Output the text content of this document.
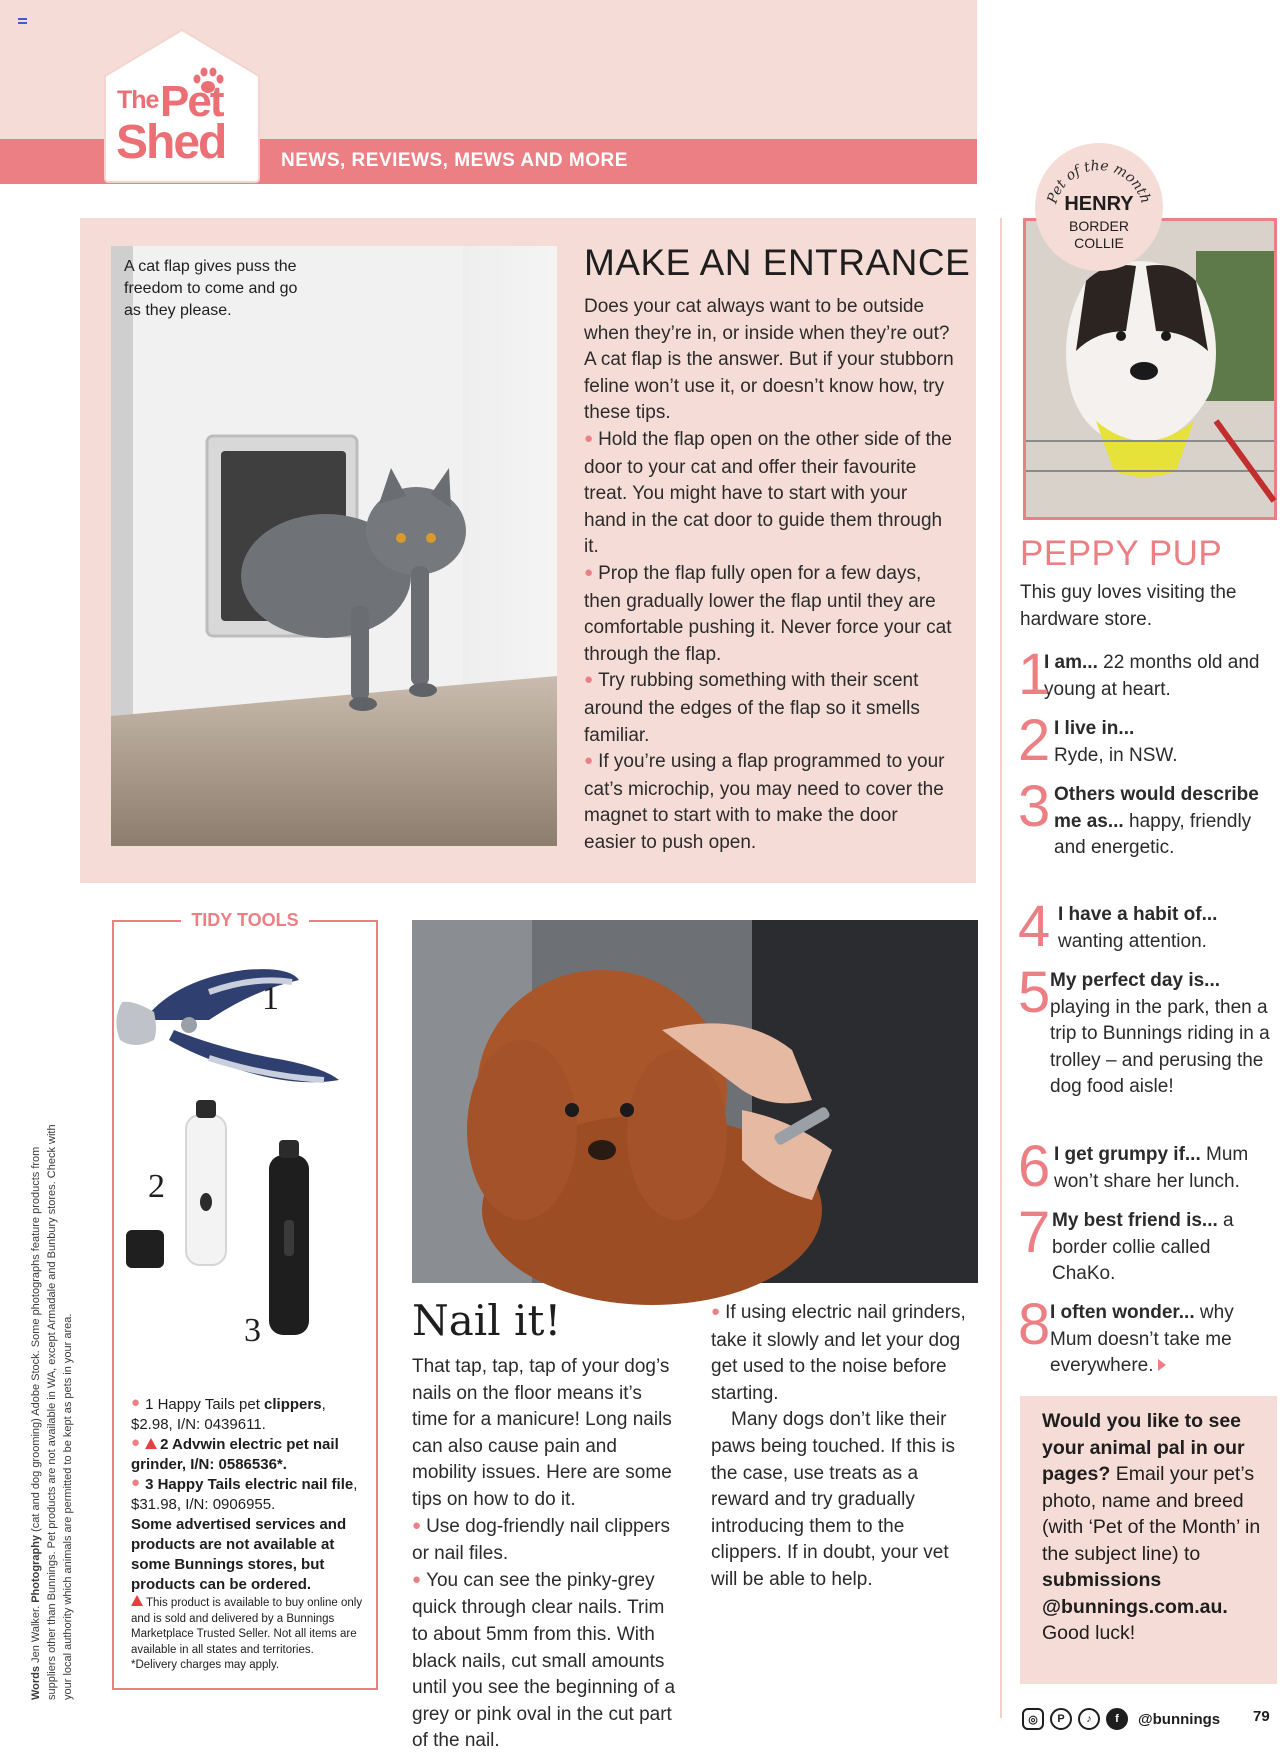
NEWS, REVIEWS, MEWS AND MORE
The Pet
Shed
A cat flap gives puss the freedom to come and go as they please.
MAKE AN ENTRANCE

Does your cat always want to be outside when they’re in, or inside when they’re out? A cat flap is the answer. But if your stubborn feline won’t use it, or doesn’t know how, try these tips.

● Hold the flap open on the other side of the door to your cat and offer their favourite treat. You might have to start with your hand in the cat door to guide them through it.

● Prop the flap fully open for a few days, then gradually lower the flap until they are comfortable pushing it. Never force your cat through the flap.

● Try rubbing something with their scent around the edges of the flap so it smells familiar.

● If you’re using a flap programmed to your cat’s microchip, you may need to cover the magnet to start with to make the door easier to push open.

TIDY TOOLS
1
2
3

● 1 Happy Tails pet clippers, $2.98, I/N: 0439611.

● 2 Advwin electric pet nail grinder, I/N: 0586536*.

● 3 Happy Tails electric nail file, $31.98, I/N: 0906955.

Some advertised services and products are not available at some Bunnings stores, but products can be ordered.

This product is available to buy online only and is sold and delivered by a Bunnings Marketplace Trusted Seller. Not all items are available in all states and territories. *Delivery charges may apply.
Words Jen Walker. Photography (cat and dog grooming) Adobe Stock. Some photographs feature products from suppliers other than Bunnings. Pet products are not available in WA, except Armadale and Bunbury stores. Check with your local authority which animals are permitted to be kept as pets in your area.	Nail it!

That tap, tap, tap of your dog’s nails on the floor means it’s time for a manicure! Long nails can also cause pain and mobility issues. Here are some tips on how to do it.

● Use dog-friendly nail clippers or nail files.

● You can see the pinky-grey quick through clear nails. Trim to about 5mm from this. With black nails, cut small amounts until you see the beginning of a grey or pink oval in the cut part of the nail.

● If using electric nail grinders, take it slowly and let your dog get used to the noise before starting.

Many dogs don’t like their paws being touched. If this is the case, use treats as a reward and try gradually introducing them to the clippers. If in doubt, your vet will be able to help.

Pet of the month
HENRY
BORDER
COLLIE
PEPPY PUP
This guy loves visiting the hardware store.
1
I am... 22 months old and young at heart.
2 I live in...
Ryde, in NSW.
3 Others would describe me as... happy, friendly and energetic.
4 I have a habit of... wanting attention.
5 My perfect day is... playing in the park, then a trip to Bunnings riding in a trolley – and perusing the dog food aisle!
6 I get grumpy if... Mum won’t share her lunch.
7 My best friend is... a border collie called ChaKo.
8 I often wonder... why Mum doesn’t take me everywhere.
Would you like to see your animal pal in our pages? Email your pet’s photo, name and breed (with ‘Pet of the Month’ in the subject line) to submissions @bunnings.com.au. Good luck!
◎	P	♪	f	@bunnings 79
